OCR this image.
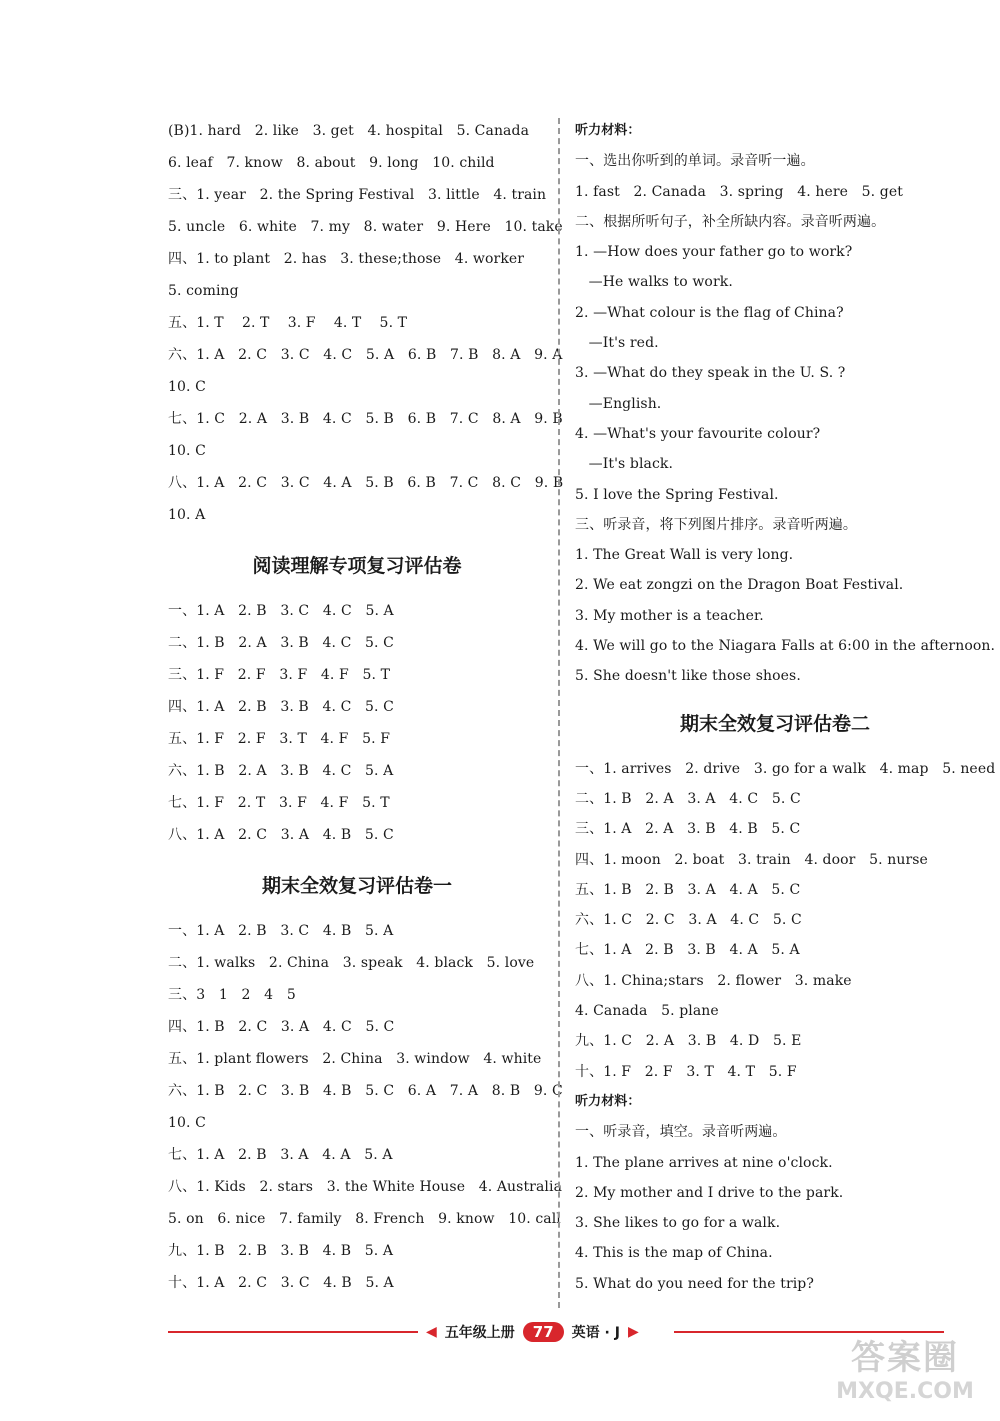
(B)1. hard   2. like   3. get   4. hospital   5. Canada
6. leaf   7. know   8. about   9. long   10. child
三、1. year   2. the Spring Festival   3. little   4. train
5. uncle   6. white   7. my   8. water   9. Here   10. take
四、1. to plant   2. has   3. these;those   4. worker
5. coming
五、1. T    2. T    3. F    4. T    5. T
六、1. A   2. C   3. C   4. C   5. A   6. B   7. B   8. A   9. A
10. C
七、1. C   2. A   3. B   4. C   5. B   6. B   7. C   8. A   9. B
10. C
八、1. A   2. C   3. C   4. A   5. B   6. B   7. C   8. C   9. B
10. A
阅读理解专项复习评估卷
一、1. A   2. B   3. C   4. C   5. A
二、1. B   2. A   3. B   4. C   5. C
三、1. F   2. F   3. F   4. F   5. T
四、1. A   2. B   3. B   4. C   5. C
五、1. F   2. F   3. T   4. F   5. F
六、1. B   2. A   3. B   4. C   5. A
七、1. F   2. T   3. F   4. F   5. T
八、1. A   2. C   3. A   4. B   5. C
期末全效复习评估卷一
一、1. A   2. B   3. C   4. B   5. A
二、1. walks   2. China   3. speak   4. black   5. love
三、3   1   2   4   5
四、1. B   2. C   3. A   4. C   5. C
五、1. plant flowers   2. China   3. window   4. white
六、1. B   2. C   3. B   4. B   5. C   6. A   7. A   8. B   9. C
10. C
七、1. A   2. B   3. A   4. A   5. A
八、1. Kids   2. stars   3. the White House   4. Australia
5. on   6. nice   7. family   8. French   9. know   10. call
九、1. B   2. B   3. B   4. B   5. A
十、1. A   2. C   3. C   4. B   5. A
听力材料：
一、选出你听到的单词。录音听一遍。
1. fast   2. Canada   3. spring   4. here   5. get
二、根据所听句子，补全所缺内容。录音听两遍。
1. —How does your father go to work?
—He walks to work.
2. —What colour is the flag of China?
—It's red.
3. —What do they speak in the U. S. ?
—English.
4. —What's your favourite colour?
—It's black.
5. I love the Spring Festival.
三、听录音，将下列图片排序。录音听两遍。
1. The Great Wall is very long.
2. We eat zongzi on the Dragon Boat Festival.
3. My mother is a teacher.
4. We will go to the Niagara Falls at 6:00 in the afternoon.
5. She doesn't like those shoes.
期末全效复习评估卷二
一、1. arrives   2. drive   3. go for a walk   4. map   5. need
二、1. B   2. A   3. A   4. C   5. C
三、1. A   2. A   3. B   4. B   5. C
四、1. moon   2. boat   3. train   4. door   5. nurse
五、1. B   2. B   3. A   4. A   5. C
六、1. C   2. C   3. A   4. C   5. C
七、1. A   2. B   3. B   4. A   5. A
八、1. China;stars   2. flower   3. make
4. Canada   5. plane
九、1. C   2. A   3. B   4. D   5. E
十、1. F   2. F   3. T   4. T   5. F
听力材料：
一、听录音，填空。录音听两遍。
1. The plane arrives at nine o'clock.
2. My mother and I drive to the park.
3. She likes to go for a walk.
4. This is the map of China.
5. What do you need for the trip?
◀ 五年级上册	77	英语 · J ▶
答案圈
MXQE.COM
